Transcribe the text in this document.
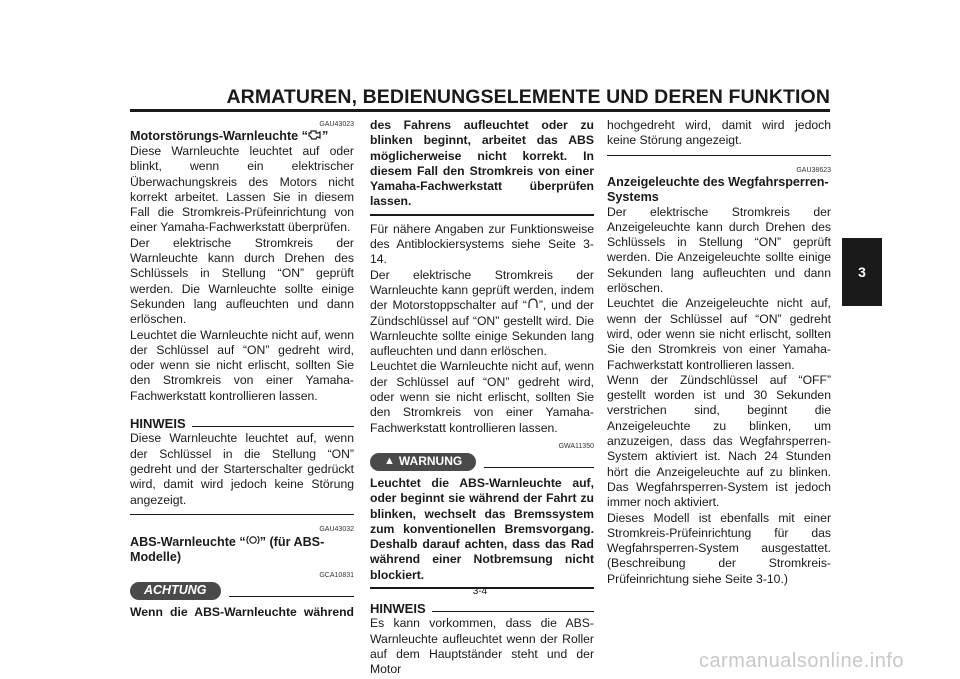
ARMATUREN, BEDIENUNGSELEMENTE UND DEREN FUNKTION
3
GAU43023
Motorstörungs-Warnleuchte “ ”

Diese Warnleuchte leuchtet auf oder blinkt, wenn ein elektrischer Überwachungskreis des Motors nicht korrekt arbeitet. Lassen Sie in diesem Fall die Stromkreis-Prüfeinrichtung von einer Yamaha-Fachwerkstatt überprüfen.

Der elektrische Stromkreis der Warnleuchte kann durch Drehen des Schlüssels in Stellung “ON” geprüft werden. Die Warnleuchte sollte einige Sekunden lang aufleuchten und dann erlöschen.

Leuchtet die Warnleuchte nicht auf, wenn der Schlüssel auf “ON” gedreht wird, oder wenn sie nicht erlischt, sollten Sie den Stromkreis von einer Yamaha-Fachwerkstatt kontrollieren lassen.

HINWEIS

Diese Warnleuchte leuchtet auf, wenn der Schlüssel in die Stellung “ON” gedreht und der Starterschalter gedrückt wird, damit wird jedoch keine Störung angezeigt.

GAU43032
ABS-Warnleuchte “ ” (für ABS-Modelle)
GCA10831
ACHTUNG

Wenn die ABS-Warnleuchte während

des Fahrens aufleuchtet oder zu blinken beginnt, arbeitet das ABS möglicherweise nicht korrekt. In diesem Fall den Stromkreis von einer Yamaha-Fachwerkstatt überprüfen lassen.

Für nähere Angaben zur Funktionsweise des Antiblockiersystems siehe Seite 3-14.

Der elektrische Stromkreis der Warnleuchte kann geprüft werden, indem der Motorstoppschalter auf “ ”, und der Zündschlüssel auf “ON” gestellt wird. Die Warnleuchte sollte einige Sekunden lang aufleuchten und dann erlöschen.

Leuchtet die Warnleuchte nicht auf, wenn der Schlüssel auf “ON” gedreht wird, oder wenn sie nicht erlischt, sollten Sie den Stromkreis von einer Yamaha-Fachwerkstatt kontrollieren lassen.

GWA11350
▲ WARNUNG

Leuchtet die ABS-Warnleuchte auf, oder beginnt sie während der Fahrt zu blinken, wechselt das Bremssystem zum konventionellen Bremsvorgang. Deshalb darauf achten, dass das Rad während einer Notbremsung nicht blockiert.

HINWEIS

Es kann vorkommen, dass die ABS-Warnleuchte aufleuchtet wenn der Roller auf dem Hauptständer steht und der Motor

hochgedreht wird, damit wird jedoch keine Störung angezeigt.

GAU38623
Anzeigeleuchte des Wegfahrsperren-Systems

Der elektrische Stromkreis der Anzeigeleuchte kann durch Drehen des Schlüssels in Stellung “ON” geprüft werden. Die Anzeigeleuchte sollte einige Sekunden lang aufleuchten und dann erlöschen.

Leuchtet die Anzeigeleuchte nicht auf, wenn der Schlüssel auf “ON” gedreht wird, oder wenn sie nicht erlischt, sollten Sie den Stromkreis von einer Yamaha-Fachwerkstatt kontrollieren lassen.

Wenn der Zündschlüssel auf “OFF” gestellt worden ist und 30 Sekunden verstrichen sind, beginnt die Anzeigeleuchte zu blinken, um anzuzeigen, dass das Wegfahrsperren-System aktiviert ist. Nach 24 Stunden hört die Anzeigeleuchte auf zu blinken. Das Wegfahrsperren-System ist jedoch immer noch aktiviert.

Dieses Modell ist ebenfalls mit einer Stromkreis-Prüfeinrichtung für das Wegfahrsperren-System ausgestattet. (Beschreibung der Stromkreis-Prüfeinrichtung siehe Seite 3-10.)

3-4
carmanualsonline.info
